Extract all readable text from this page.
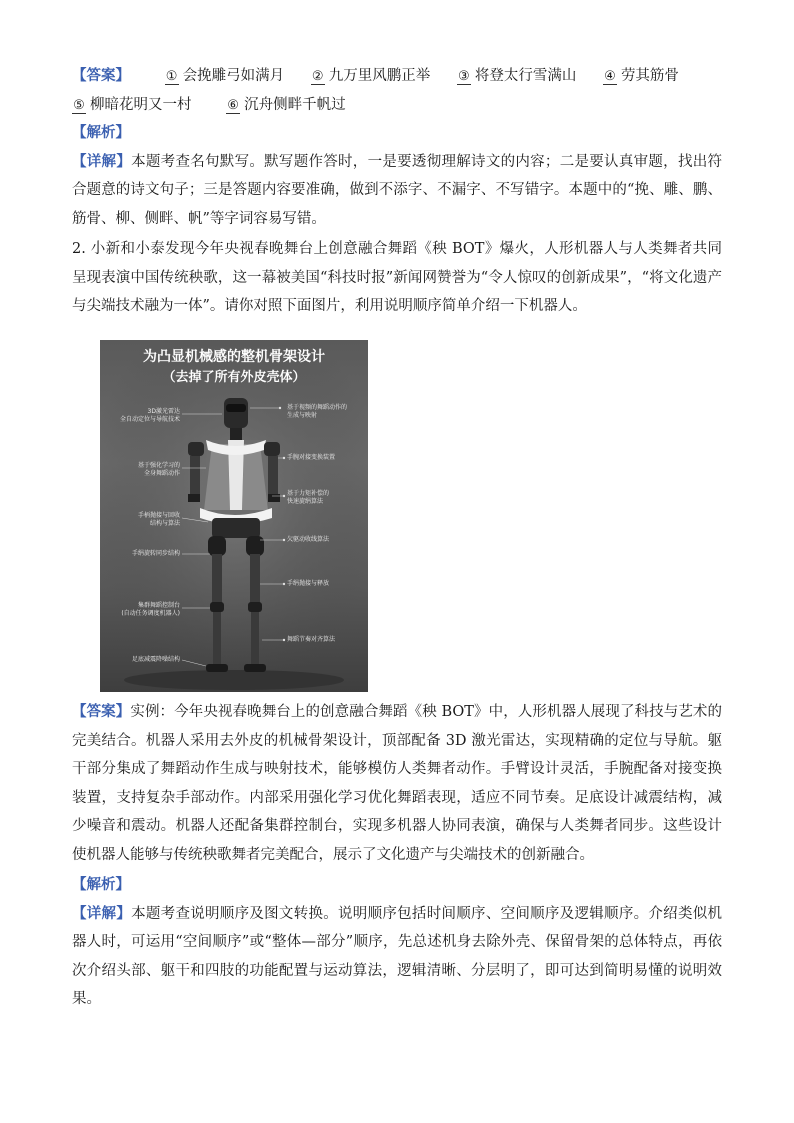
【答案】	① 会挽雕弓如满月 ② 九万里风鹏正举 ③ 将登太行雪满山 ④ 劳其筋骨
⑤ 柳暗花明又一村	⑥ 沉舟侧畔千帆过
【解析】
【详解】本题考查名句默写。默写题作答时，一是要透彻理解诗文的内容；二是要认真审题，找出符合题意的诗文句子；三是答题内容要准确，做到不添字、不漏字、不写错字。本题中的“挽、雕、鹏、筋骨、柳、侧畔、帆”等字词容易写错。
2. 小新和小泰发现今年央视春晚舞台上创意融合舞蹈《秧 BOT》爆火，人形机器人与人类舞者共同呈现表演中国传统秧歌，这一幕被美国“科技时报”新闻网赞誉为“令人惊叹的创新成果”，“将文化遗产与尖端技术融为一体”。请你对照下面图片，利用说明顺序简单介绍一下机器人。
为凸显机械感的整机骨架设计
（去掉了所有外皮壳体）
3D激光雷达
全自动定位与导航技术
基于强化学习的
全身舞蹈动作
手柄抛接与回收
结构与算法
手绢旋转同步结构
集群舞蹈控制台
(自动任务调度机器人)
足底减震降噪结构
基于视频的舞蹈动作的
生成与映射
手腕对接变换装置
基于力矩补偿的
快速旋绢算法
欠驱动收线算法
手绢抛接与释放
舞蹈节奏对齐算法
【答案】实例：今年央视春晚舞台上的创意融合舞蹈《秧 BOT》中，人形机器人展现了科技与艺术的完美结合。机器人采用去外皮的机械骨架设计，顶部配备 3D 激光雷达，实现精确的定位与导航。躯干部分集成了舞蹈动作生成与映射技术，能够模仿人类舞者动作。手臂设计灵活，手腕配备对接变换装置，支持复杂手部动作。内部采用强化学习优化舞蹈表现，适应不同节奏。足底设计减震结构，减少噪音和震动。机器人还配备集群控制台，实现多机器人协同表演，确保与人类舞者同步。这些设计使机器人能够与传统秧歌舞者完美配合，展示了文化遗产与尖端技术的创新融合。
【解析】
【详解】本题考查说明顺序及图文转换。说明顺序包括时间顺序、空间顺序及逻辑顺序。介绍类似机器人时，可运用“空间顺序”或“整体—部分”顺序，先总述机身去除外壳、保留骨架的总体特点，再依次介绍头部、躯干和四肢的功能配置与运动算法，逻辑清晰、分层明了，即可达到简明易懂的说明效果。
